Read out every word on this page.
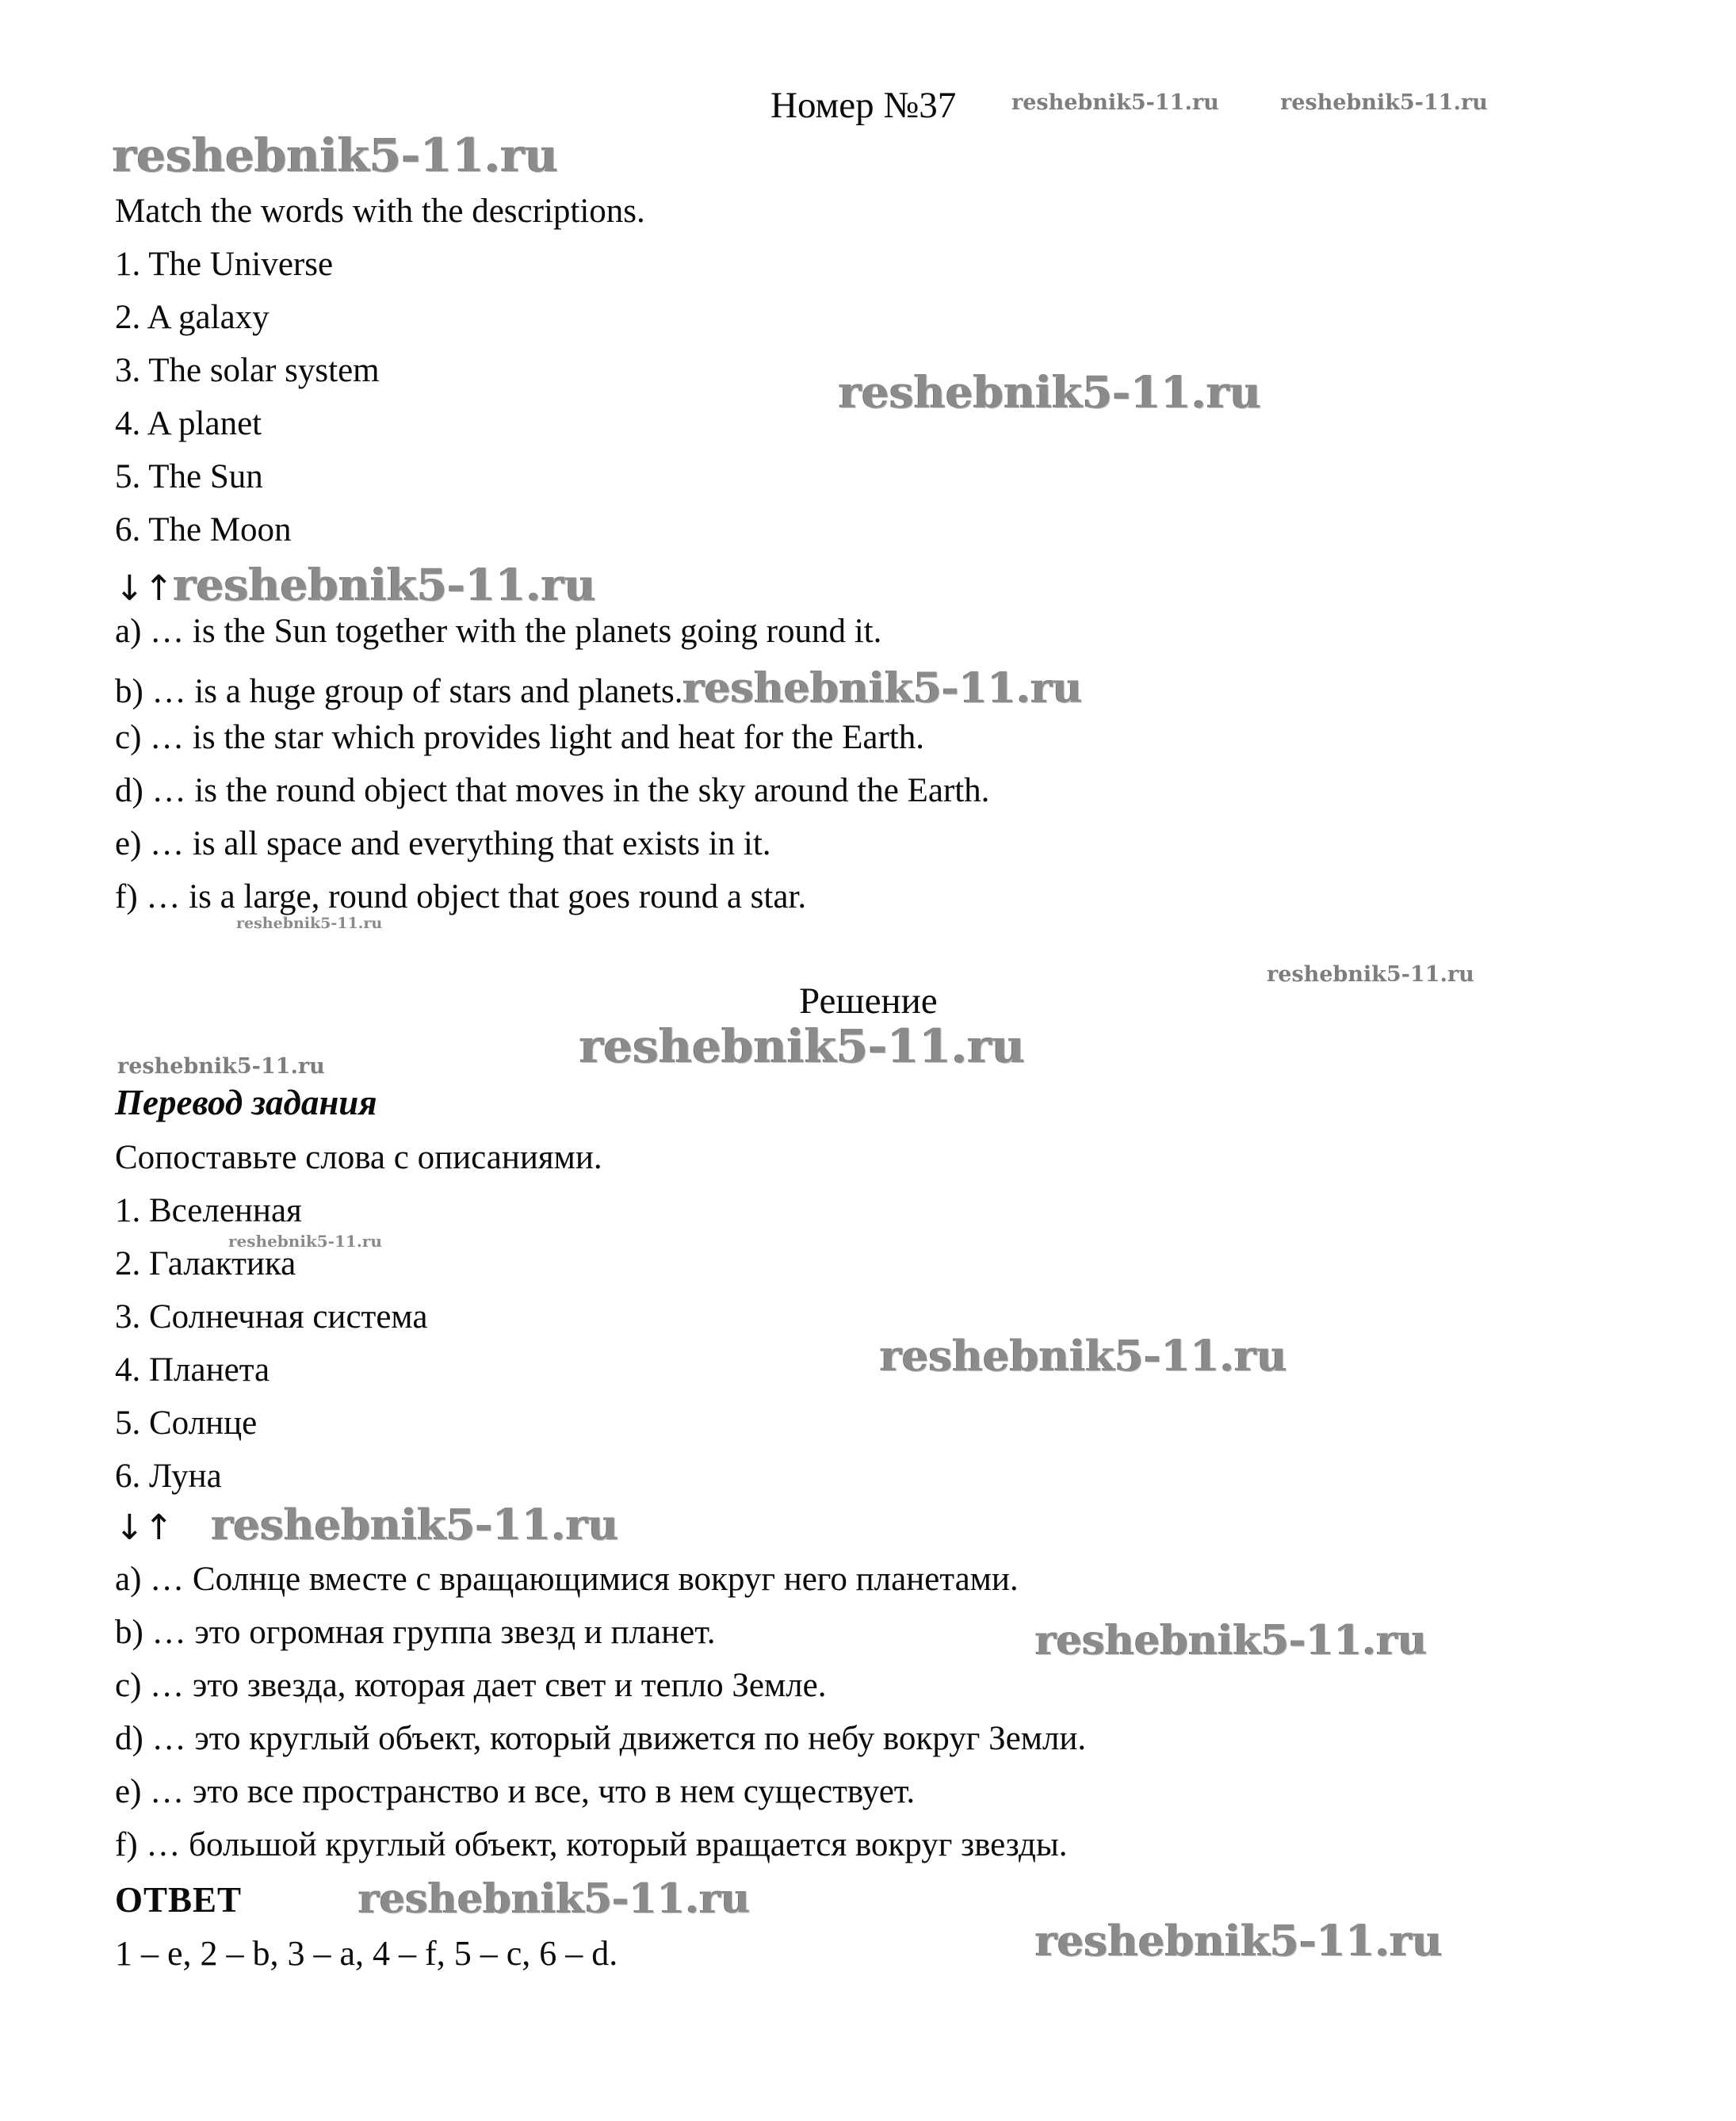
Номер №37	reshebnik5-11.ru	reshebnik5-11.ru
reshebnik5-11.ru
Match the words with the descriptions.
1. The Universe
2. A galaxy
3. The solar system
4. A planet
5. The Sun
6. The Moon
reshebnik5-11.ru
↓↑reshebnik5-11.ru
a) … is the Sun together with the planets going round it.
b) … is a huge group of stars and planets.reshebnik5-11.ru
c) … is the star which provides light and heat for the Earth.
d) … is the round object that moves in the sky around the Earth.
e) … is all space and everything that exists in it.
f) … is a large, round object that goes round a star.
reshebnik5-11.ru
reshebnik5-11.ru
Решение
reshebnik5-11.ru
reshebnik5-11.ru
Перевод задания
Сопоставьте слова с описаниями.
1. Вселенная
reshebnik5-11.ru
2. Галактика
3. Солнечная система
4. Планета
5. Солнце
6. Луна
reshebnik5-11.ru
↓↑ reshebnik5-11.ru
a) … Солнце вместе с вращающимися вокруг него планетами.
b) … это огромная группа звезд и планет.	reshebnik5-11.ru
c) … это звезда, которая дает свет и тепло Земле.
d) … это круглый объект, который движется по небу вокруг Земли.
e) … это все пространство и все, что в нем существует.
f) … большой круглый объект, который вращается вокруг звезды.
ОТВЕТ	reshebnik5-11.ru
1 – e, 2 – b, 3 – a, 4 – f, 5 – c, 6 – d.	reshebnik5-11.ru
